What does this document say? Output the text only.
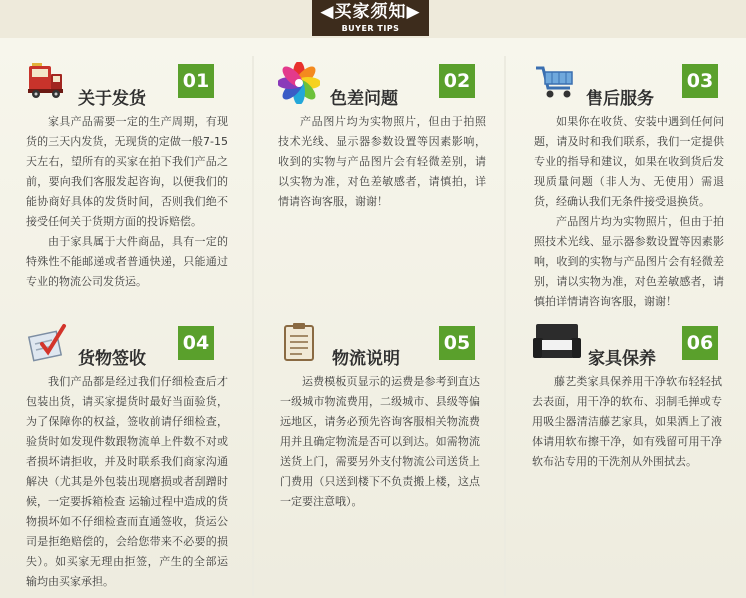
◀买家须知▶
BUYER TIPS
关于发货
01

家具产品需要一定的生产周期，有现货的三天内发货，无现货的定做一般7-15天左右，望所有的买家在拍下我们产品之前，要向我们客服发起咨询，以便我们的能协商好具体的发货时间，否则我们绝不接受任何关于货期方面的投诉赔偿。

由于家具属于大件商品，具有一定的特殊性不能邮递或者普通快递，只能通过专业的物流公司发货运。

色差问题
02

产品图片均为实物照片，但由于拍照技术光线、显示器参数设置等因素影响，收到的实物与产品图片会有轻微差别，请以实物为准，对色差敏感者，请慎拍，详情请咨询客服，谢谢！

售后服务
03

如果你在收货、安装中遇到任何问题，请及时和我们联系，我们一定提供专业的指导和建议，如果在收到货后发现质量问题（非人为、无使用）需退货，经确认我们无条件接受退换货。

产品图片均为实物照片，但由于拍照技术光线、显示器参数设置等因素影响，收到的实物与产品图片会有轻微差别，请以实物为准，对色差敏感者，请慎拍详情请咨询客服，谢谢！

货物签收
04

我们产品都是经过我们仔细检查后才包装出货，请买家提货时最好当面验货，为了保障你的权益，签收前请仔细检查，验货时如发现件数跟物流单上件数不对或者损坏请拒收，并及时联系我们商家沟通解决（尤其是外包装出现磨损或者刮蹭时候，一定要拆箱检查 运输过程中造成的货物损坏如不仔细检查而直通签收，货运公司是拒绝赔偿的，会给您带来不必要的损失）。如买家无理由拒签，产生的全部运输均由买家承担。

物流说明
05

运费模板页显示的运费是参考到直达一级城市物流费用，二级城市、县级等偏远地区，请务必预先咨询客服相关物流费用并且确定物流是否可以到达。如需物流送货上门，需要另外支付物流公司送货上门费用（只送到楼下不负责搬上楼，这点一定要注意哦）。

家具保养
06

藤艺类家具保养用干净软布轻轻拭去表面，用干净的软布、羽制毛掸或专用吸尘器清洁藤艺家具，如果洒上了液体请用软布擦干净，如有残留可用干净软布沾专用的干洗剂从外围拭去。
